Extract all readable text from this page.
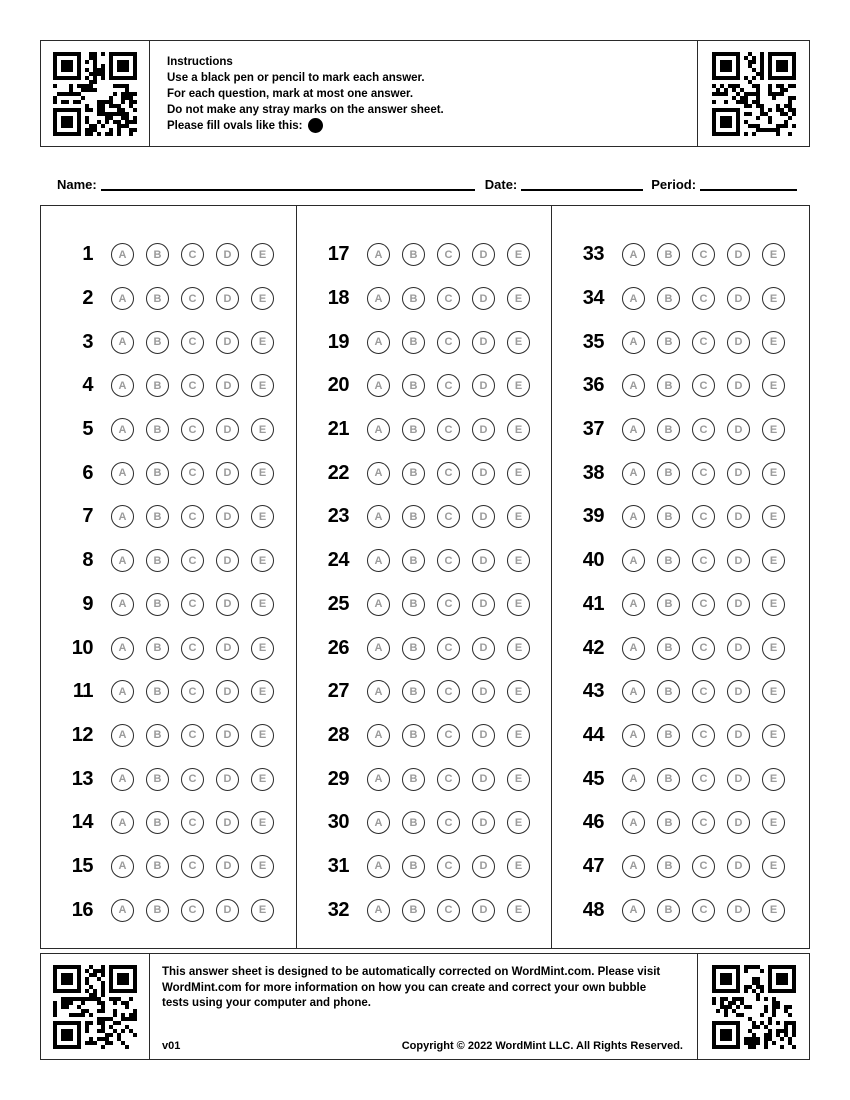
Instructions
Use a black pen or pencil to mark each answer.
For each question, mark at most one answer.
Do not make any stray marks on the answer sheet.
Please fill ovals like this:
Name:	Date:	Period:
1	A	B	C	D	E
2	A	B	C	D	E
3	A	B	C	D	E
4	A	B	C	D	E
5	A	B	C	D	E
6	A	B	C	D	E
7	A	B	C	D	E
8	A	B	C	D	E
9	A	B	C	D	E
10	A	B	C	D	E
11	A	B	C	D	E
12	A	B	C	D	E
13	A	B	C	D	E
14	A	B	C	D	E
15	A	B	C	D	E
16	A	B	C	D	E
17	A	B	C	D	E
18	A	B	C	D	E
19	A	B	C	D	E
20	A	B	C	D	E
21	A	B	C	D	E
22	A	B	C	D	E
23	A	B	C	D	E
24	A	B	C	D	E
25	A	B	C	D	E
26	A	B	C	D	E
27	A	B	C	D	E
28	A	B	C	D	E
29	A	B	C	D	E
30	A	B	C	D	E
31	A	B	C	D	E
32	A	B	C	D	E
33	A	B	C	D	E
34	A	B	C	D	E
35	A	B	C	D	E
36	A	B	C	D	E
37	A	B	C	D	E
38	A	B	C	D	E
39	A	B	C	D	E
40	A	B	C	D	E
41	A	B	C	D	E
42	A	B	C	D	E
43	A	B	C	D	E
44	A	B	C	D	E
45	A	B	C	D	E
46	A	B	C	D	E
47	A	B	C	D	E
48	A	B	C	D	E
This answer sheet is designed to be automatically corrected on WordMint.com. Please visit
WordMint.com for more information on how you can create and correct your own bubble
tests using your computer and phone.
v01	Copyright © 2022 WordMint LLC. All Rights Reserved.
